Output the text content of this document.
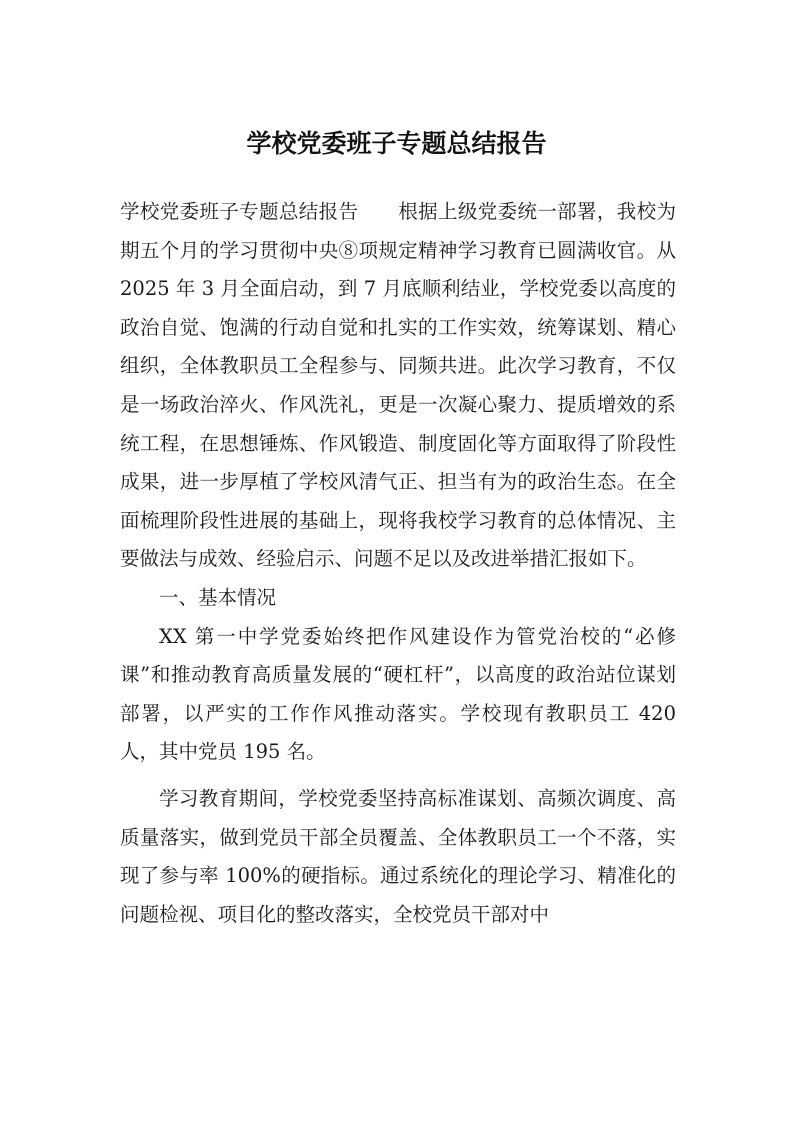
学校党委班子专题总结报告

学校党委班子专题总结报告 根据上级党委统一部署，我校为期五个月的学习贯彻中央⑧项规定精神学习教育已圆满收官。从 2025 年 3 月全面启动，到 7 月底顺利结业，学校党委以高度的政治自觉、饱满的行动自觉和扎实的工作实效，统筹谋划、精心组织，全体教职员工全程参与、同频共进。此次学习教育，不仅是一场政治淬火、作风洗礼，更是一次凝心聚力、提质增效的系统工程，在思想锤炼、作风锻造、制度固化等方面取得了阶段性成果，进一步厚植了学校风清气正、担当有为的政治生态。在全面梳理阶段性进展的基础上，现将我校学习教育的总体情况、主要做法与成效、经验启示、问题不足以及改进举措汇报如下。

一、基本情况

XX 第一中学党委始终把作风建设作为管党治校的“必修课”和推动教育高质量发展的“硬杠杆”，以高度的政治站位谋划部署，以严实的工作作风推动落实。学校现有教职员工 420 人，其中党员 195 名。

学习教育期间，学校党委坚持高标准谋划、高频次调度、高质量落实，做到党员干部全员覆盖、全体教职员工一个不落，实现了参与率 100%的硬指标。通过系统化的理论学习、精准化的问题检视、项目化的整改落实，全校党员干部对中
